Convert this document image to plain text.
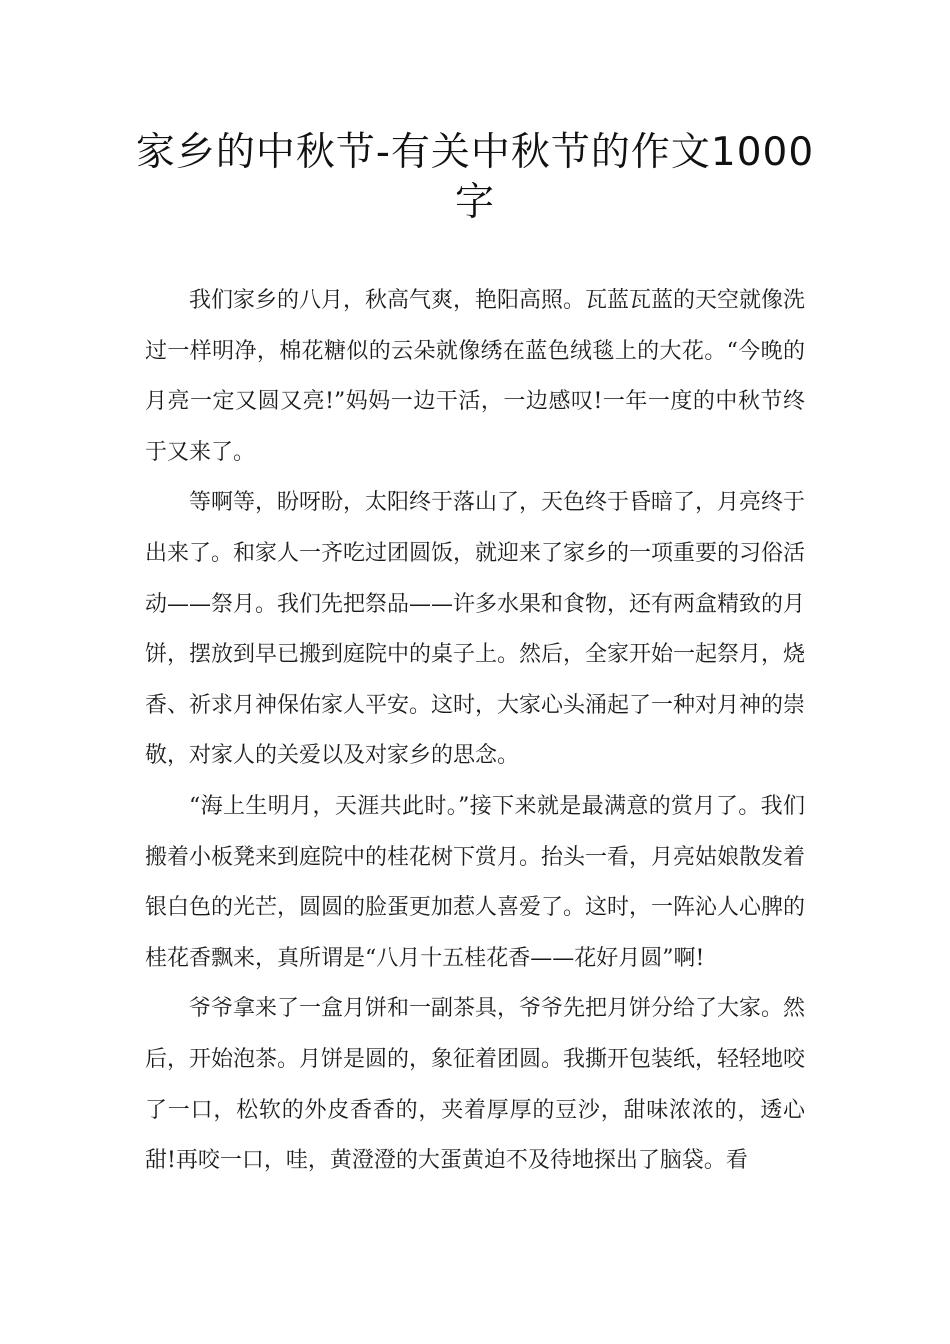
家乡的中秋节-有关中秋节的作文1000字

我们家乡的八月，秋高气爽，艳阳高照。瓦蓝瓦蓝的天空就像洗过一样明净，棉花糖似的云朵就像绣在蓝色绒毯上的大花。“今晚的月亮一定又圆又亮!”妈妈一边干活，一边感叹!一年一度的中秋节终于又来了。

等啊等，盼呀盼，太阳终于落山了，天色终于昏暗了，月亮终于出来了。和家人一齐吃过团圆饭，就迎来了家乡的一项重要的习俗活动——祭月。我们先把祭品——许多水果和食物，还有两盒精致的月饼，摆放到早已搬到庭院中的桌子上。然后，全家开始一起祭月，烧香、祈求月神保佑家人平安。这时，大家心头涌起了一种对月神的崇敬，对家人的关爱以及对家乡的思念。

“海上生明月，天涯共此时。”接下来就是最满意的赏月了。我们搬着小板凳来到庭院中的桂花树下赏月。抬头一看，月亮姑娘散发着银白色的光芒，圆圆的脸蛋更加惹人喜爱了。这时，一阵沁人心脾的桂花香飘来，真所谓是“八月十五桂花香——花好月圆”啊!

爷爷拿来了一盒月饼和一副茶具，爷爷先把月饼分给了大家。然后，开始泡茶。月饼是圆的，象征着团圆。我撕开包装纸，轻轻地咬了一口，松软的外皮香香的，夹着厚厚的豆沙，甜味浓浓的，透心甜!再咬一口，哇，黄澄澄的大蛋黄迫不及待地探出了脑袋。看
